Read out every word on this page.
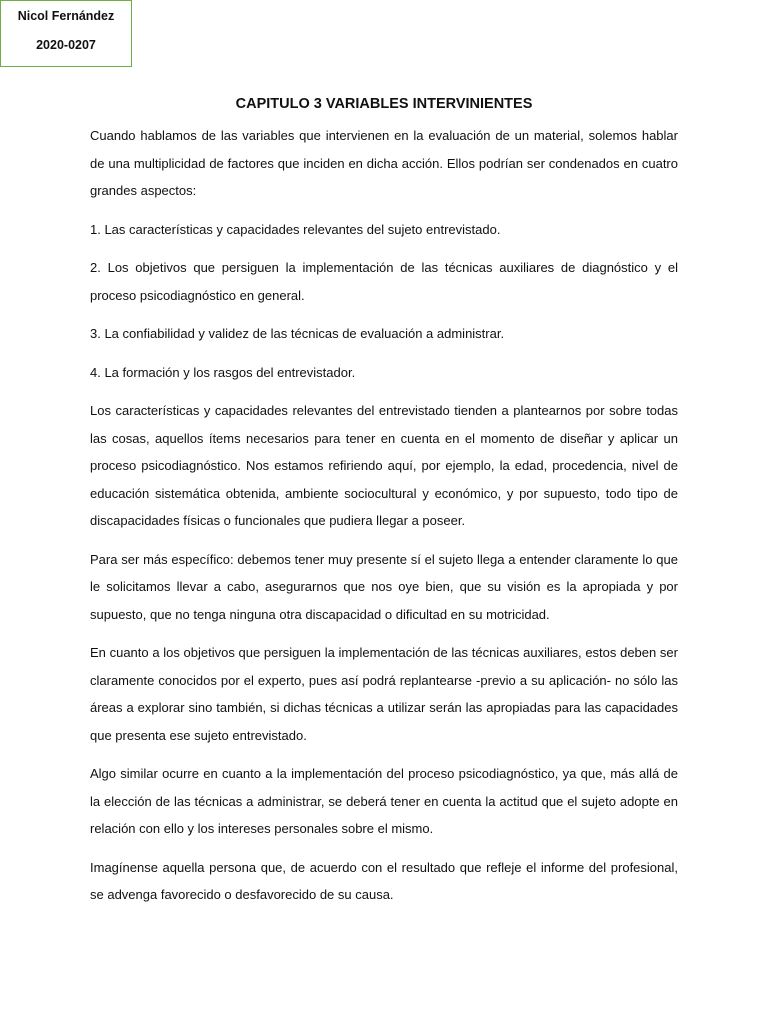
Nicol Fernández
2020-0207
CAPITULO 3 VARIABLES INTERVINIENTES

Cuando hablamos de las variables que intervienen en la evaluación de un material, solemos hablar de una multiplicidad de factores que inciden en dicha acción. Ellos podrían ser condenados en cuatro grandes aspectos:

1. Las características y capacidades relevantes del sujeto entrevistado.

2. Los objetivos que persiguen la implementación de las técnicas auxiliares de diagnóstico y el proceso psicodiagnóstico en general.

3. La confiabilidad y validez de las técnicas de evaluación a administrar.

4. La formación y los rasgos del entrevistador.

Los características y capacidades relevantes del entrevistado tienden a plantearnos por sobre todas las cosas, aquellos ítems necesarios para tener en cuenta en el momento de diseñar y aplicar un proceso psicodiagnóstico. Nos estamos refiriendo aquí, por ejemplo, la edad, procedencia, nivel de educación sistemática obtenida, ambiente sociocultural y económico, y por supuesto, todo tipo de discapacidades físicas o funcionales que pudiera llegar a poseer.

Para ser más específico: debemos tener muy presente sí el sujeto llega a entender claramente lo que le solicitamos llevar a cabo, asegurarnos que nos oye bien, que su visión es la apropiada y por supuesto, que no tenga ninguna otra discapacidad o dificultad en su motricidad.

En cuanto a los objetivos que persiguen la implementación de las técnicas auxiliares, estos deben ser claramente conocidos por el experto, pues así podrá replantearse -previo a su aplicación- no sólo las áreas a explorar sino también, si dichas técnicas a utilizar serán las apropiadas para las capacidades que presenta ese sujeto entrevistado.

Algo similar ocurre en cuanto a la implementación del proceso psicodiagnóstico, ya que, más allá de la elección de las técnicas a administrar, se deberá tener en cuenta la actitud que el sujeto adopte en relación con ello y los intereses personales sobre el mismo.

Imagínense aquella persona que, de acuerdo con el resultado que refleje el informe del profesional, se advenga favorecido o desfavorecido de su causa.
